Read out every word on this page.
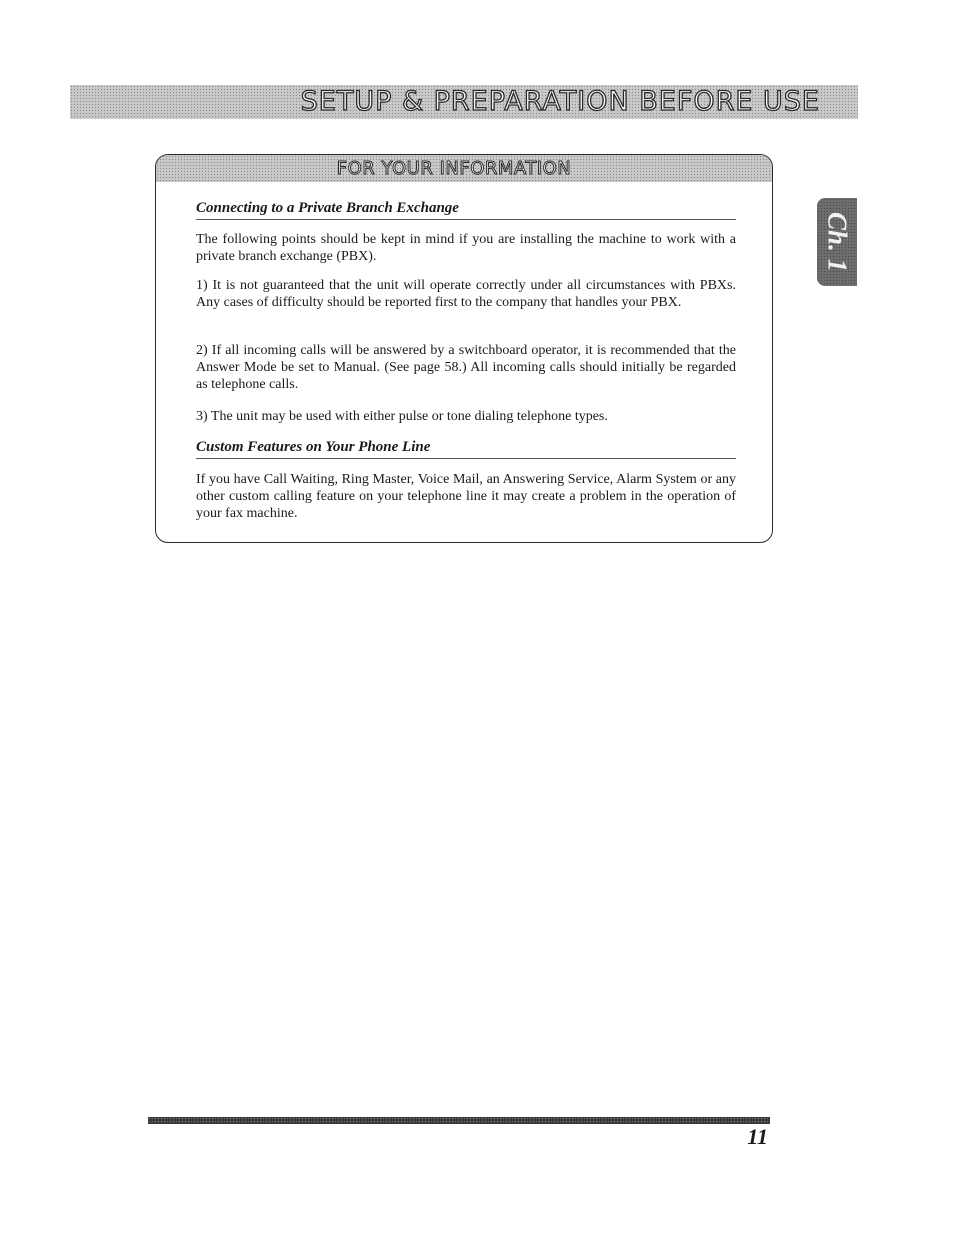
SETUP & PREPARATION BEFORE USE
Ch. 1
FOR YOUR INFORMATION
Connecting to a Private Branch Exchange

The following points should be kept in mind if you are installing the machine to work with a private branch exchange (PBX).

1) It is not guaranteed that the unit will operate correctly under all circumstances with PBXs. Any cases of difficulty should be reported first to the company that handles your PBX.

2) If all incoming calls will be answered by a switchboard operator, it is recommended that the Answer Mode be set to Manual. (See page 58.) All incoming calls should initially be regarded as telephone calls.

3) The unit may be used with either pulse or tone dialing telephone types.

Custom Features on Your Phone Line

If you have Call Waiting, Ring Master, Voice Mail, an Answering Service, Alarm System or any other custom calling feature on your telephone line it may create a problem in the operation of your fax machine.

11
